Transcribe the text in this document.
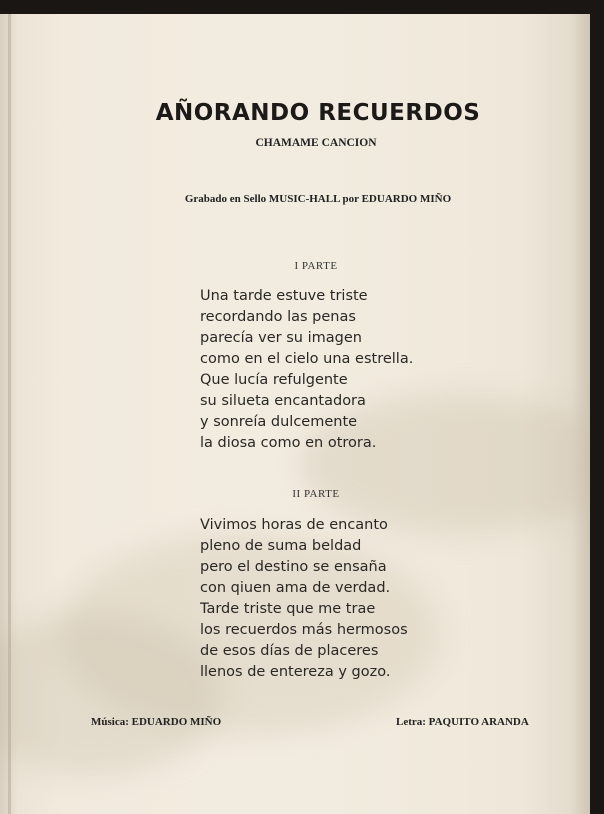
AÑORANDO RECUERDOS
CHAMAME CANCION
Grabado en Sello MUSIC-HALL por EDUARDO MIÑO
I PARTE
Una tarde estuve triste
recordando las penas
parecía ver su imagen
como en el cielo una estrella.
Que lucía refulgente
su silueta encantadora
y sonreía dulcemente
la diosa como en otrora.
II PARTE
Vivimos horas de encanto
pleno de suma beldad
pero el destino se ensaña
con qiuen ama de verdad.
Tarde triste que me trae
los recuerdos más hermosos
de esos días de placeres
llenos de entereza y gozo.
Música: EDUARDO MIÑO	Letra: PAQUITO ARANDA
